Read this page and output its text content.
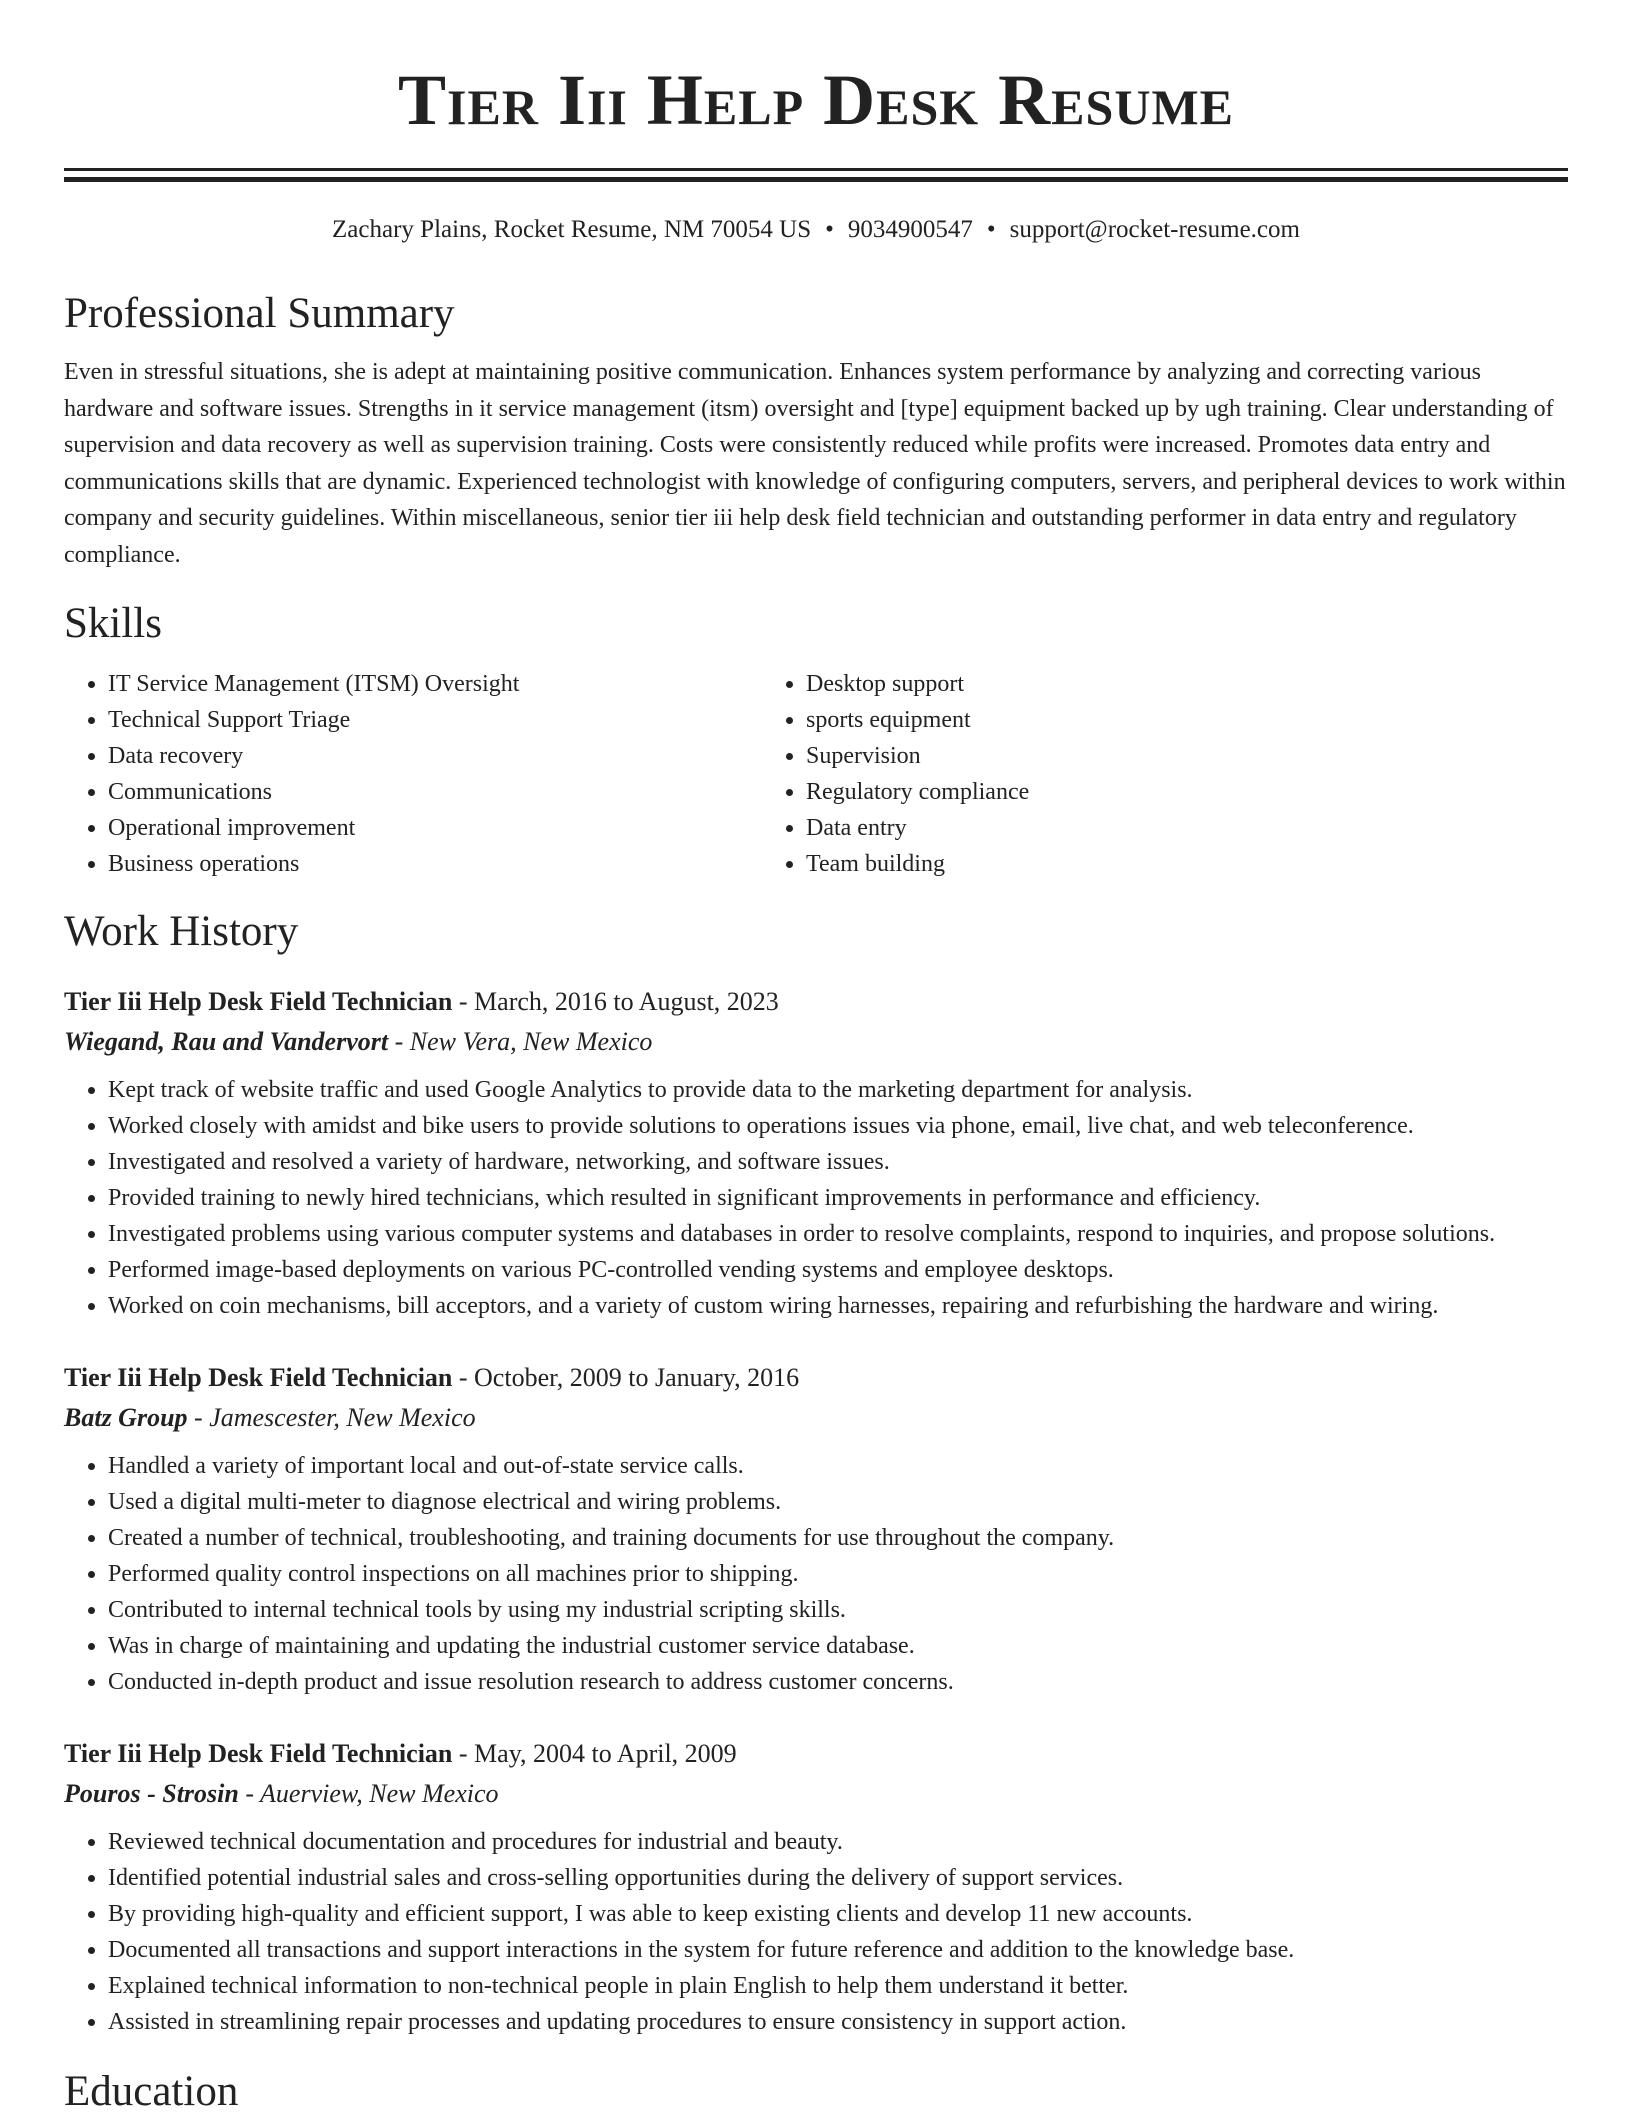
Tier Iii Help Desk Resume
Zachary Plains, Rocket Resume, NM 70054 US • 9034900547 • support@rocket-resume.com
Professional Summary

Even in stressful situations, she is adept at maintaining positive communication. Enhances system performance by analyzing and correcting various hardware and software issues. Strengths in it service management (itsm) oversight and [type] equipment backed up by ugh training. Clear understanding of supervision and data recovery as well as supervision training. Costs were consistently reduced while profits were increased. Promotes data entry and communications skills that are dynamic. Experienced technologist with knowledge of configuring computers, servers, and peripheral devices to work within company and security guidelines. Within miscellaneous, senior tier iii help desk field technician and outstanding performer in data entry and regulatory compliance.

Skills
• IT Service Management (ITSM) Oversight
• Technical Support Triage
• Data recovery
• Communications
• Operational improvement
• Business operations
• Desktop support
• sports equipment
• Supervision
• Regulatory compliance
• Data entry
• Team building
Work History
Tier Iii Help Desk Field Technician - March, 2016 to August, 2023
Wiegand, Rau and Vandervort - New Vera, New Mexico
• Kept track of website traffic and used Google Analytics to provide data to the marketing department for analysis.
• Worked closely with amidst and bike users to provide solutions to operations issues via phone, email, live chat, and web teleconference.
• Investigated and resolved a variety of hardware, networking, and software issues.
• Provided training to newly hired technicians, which resulted in significant improvements in performance and efficiency.
• Investigated problems using various computer systems and databases in order to resolve complaints, respond to inquiries, and propose solutions.
• Performed image-based deployments on various PC-controlled vending systems and employee desktops.
• Worked on coin mechanisms, bill acceptors, and a variety of custom wiring harnesses, repairing and refurbishing the hardware and wiring.
Tier Iii Help Desk Field Technician - October, 2009 to January, 2016
Batz Group - Jamescester, New Mexico
• Handled a variety of important local and out-of-state service calls.
• Used a digital multi-meter to diagnose electrical and wiring problems.
• Created a number of technical, troubleshooting, and training documents for use throughout the company.
• Performed quality control inspections on all machines prior to shipping.
• Contributed to internal technical tools by using my industrial scripting skills.
• Was in charge of maintaining and updating the industrial customer service database.
• Conducted in-depth product and issue resolution research to address customer concerns.
Tier Iii Help Desk Field Technician - May, 2004 to April, 2009
Pouros - Strosin - Auerview, New Mexico
• Reviewed technical documentation and procedures for industrial and beauty.
• Identified potential industrial sales and cross-selling opportunities during the delivery of support services.
• By providing high-quality and efficient support, I was able to keep existing clients and develop 11 new accounts.
• Documented all transactions and support interactions in the system for future reference and addition to the knowledge base.
• Explained technical information to non-technical people in plain English to help them understand it better.
• Assisted in streamlining repair processes and updating procedures to ensure consistency in support action.
Education
